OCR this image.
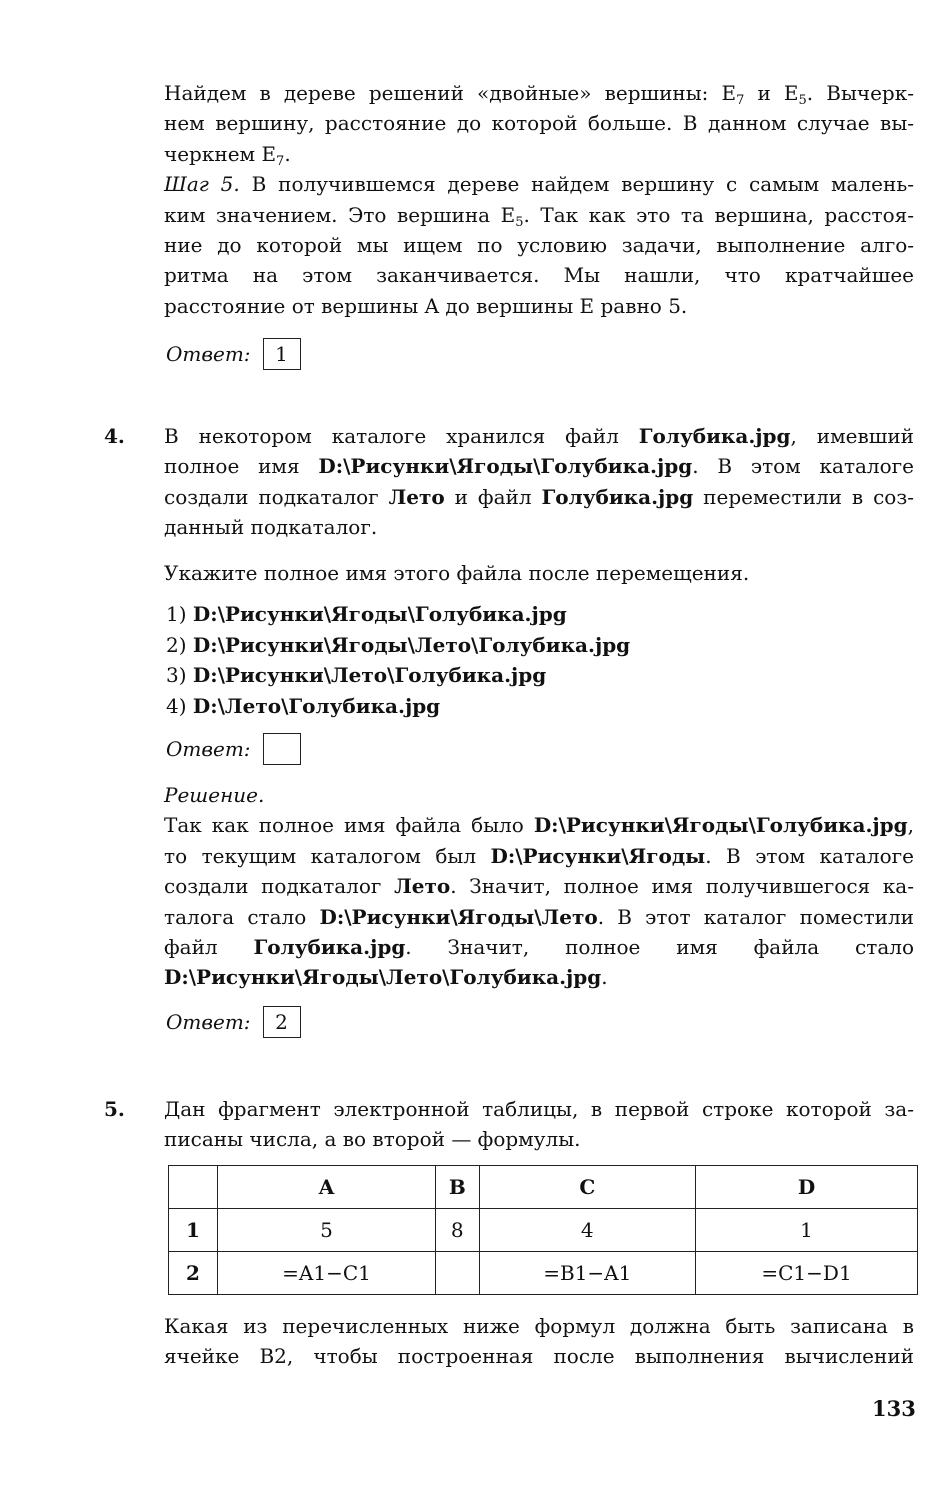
Найдем в дереве решений «двойные» вершины: $E_7$ и $E_5$. Вычерк-
нем вершину, расстояние до которой больше. В данном случае вы-
черкнем $E_7$.
Шаг 5. В получившемся дереве найдем вершину с самым малень-
ким значением. Это вершина $E_5$. Так как это та вершина, расстоя-
ние до которой мы ищем по условию задачи, выполнение алго-
ритма на этом заканчивается. Мы нашли, что кратчайшее
расстояние от вершины A до вершины E равно 5.
Ответ:	1
4. В некотором каталоге хранился файл Голубика.jpg, имевший
полное имя D:\Рисунки\Ягоды\Голубика.jpg. В этом каталоге
создали подкаталог Лето и файл Голубика.jpg переместили в соз-
данный подкаталог.
Укажите полное имя этого файла после перемещения.
1) D:\Рисунки\Ягоды\Голубика.jpg
2) D:\Рисунки\Ягоды\Лето\Голубика.jpg
3) D:\Рисунки\Лето\Голубика.jpg
4) D:\Лето\Голубика.jpg
Ответ:
Решение.
Так как полное имя файла было D:\Рисунки\Ягоды\Голубика.jpg,
то текущим каталогом был D:\Рисунки\Ягоды. В этом каталоге
создали подкаталог Лето. Значит, полное имя получившегося ка-
талога стало D:\Рисунки\Ягоды\Лето. В этот каталог поместили
файл Голубика.jpg. Значит, полное имя файла стало
D:\Рисунки\Ягоды\Лето\Голубика.jpg.
Ответ:	2
5. Дан фрагмент электронной таблицы, в первой строке которой за-
писаны числа, а во второй — формулы.
	A	B	C	D
1	5	8	4	1
2	=A1−C1		=B1−A1	=C1−D1
Какая из перечисленных ниже формул должна быть записана в
ячейке B2, чтобы построенная после выполнения вычислений
133
